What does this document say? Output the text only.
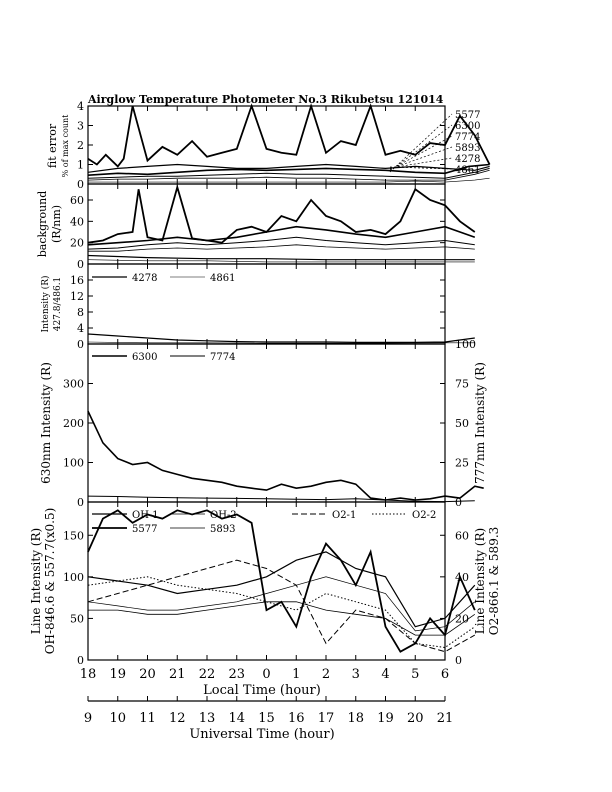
Airglow Temperature Photometer No.3 Rikubetsu 121014
fit error % of max count
background (R/nm)
Intensity (R) 427.8/486.1
630nm Intensity (R)	777nm Intensity (R)
Line Intensity (R) OH-846.6 & 557.7(x0.5)	Line Intensity (R) O2-866.1 & 589.3
Local Time (hour)
Universal Time (hour)
18 19 20 21 22 23 0 1 2 3 4 5 6
9 10 11 12 13 14 15 16 17 18 19 20 21
0
1
2
3
4
0
20
40
60
0
4
8
12
16
0
100
200
300
0
25
50
75
100
0
50
100
150
0
20
40
60
5577
6300
7774
5893
4278
4861
4278	4861
6300	7774
OH-1	OH-2	O2-1	O2-2
5577	5893
